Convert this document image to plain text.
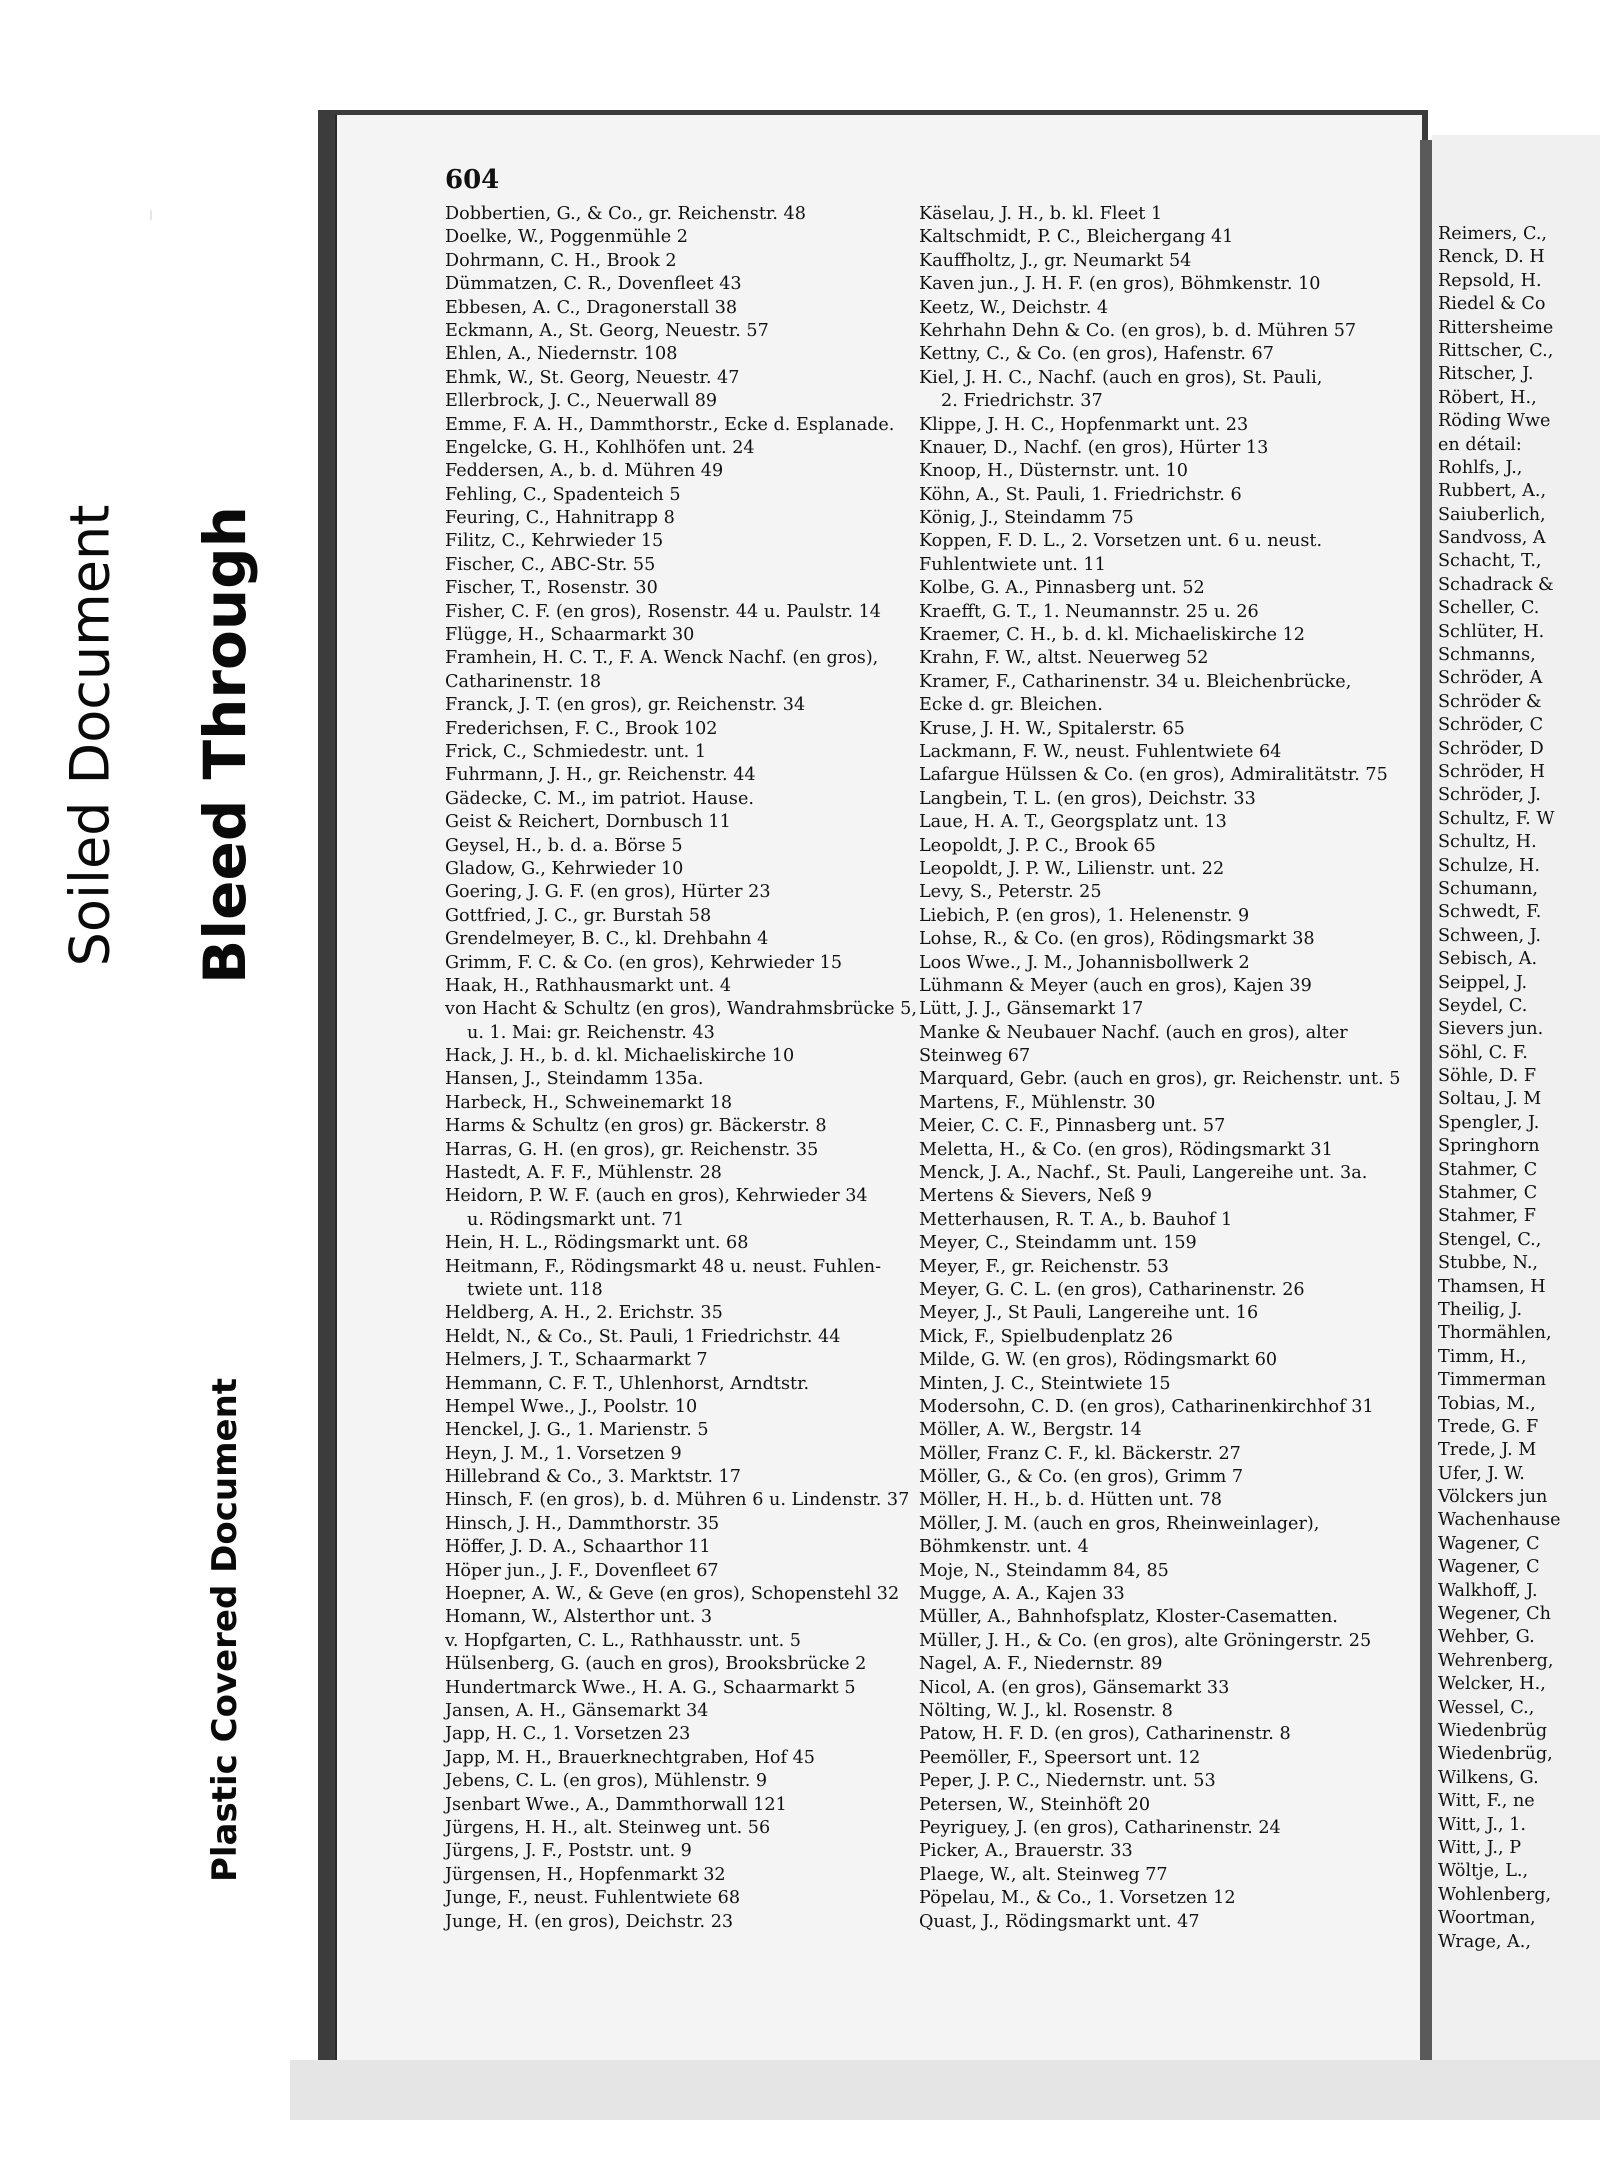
Soiled Document Bleed Through
Plastic Covered Document
604
Dobbertien, G., & Co., gr. Reichenstr. 48
Doelke, W., Poggenmühle 2
Dohrmann, C. H., Brook 2
Dümmatzen, C. R., Dovenfleet 43
Ebbesen, A. C., Dragonerstall 38
Eckmann, A., St. Georg, Neuestr. 57
Ehlen, A., Niedernstr. 108
Ehmk, W., St. Georg, Neuestr. 47
Ellerbrock, J. C., Neuerwall 89
Emme, F. A. H., Dammthorstr., Ecke d. Esplanade.
Engelcke, G. H., Kohlhöfen unt. 24
Feddersen, A., b. d. Mühren 49
Fehling, C., Spadenteich 5
Feuring, C., Hahnitrapp 8
Filitz, C., Kehrwieder 15
Fischer, C., ABC-Str. 55
Fischer, T., Rosenstr. 30
Fisher, C. F. (en gros), Rosenstr. 44 u. Paulstr. 14
Flügge, H., Schaarmarkt 30
Framhein, H. C. T., F. A. Wenck Nachf. (en gros),
Catharinenstr. 18
Franck, J. T. (en gros), gr. Reichenstr. 34
Frederichsen, F. C., Brook 102
Frick, C., Schmiedestr. unt. 1
Fuhrmann, J. H., gr. Reichenstr. 44
Gädecke, C. M., im patriot. Hause.
Geist & Reichert, Dornbusch 11
Geysel, H., b. d. a. Börse 5
Gladow, G., Kehrwieder 10
Goering, J. G. F. (en gros), Hürter 23
Gottfried, J. C., gr. Burstah 58
Grendelmeyer, B. C., kl. Drehbahn 4
Grimm, F. C. & Co. (en gros), Kehrwieder 15
Haak, H., Rathhausmarkt unt. 4
von Hacht & Schultz (en gros), Wandrahmsbrücke 5,
u. 1. Mai: gr. Reichenstr. 43
Hack, J. H., b. d. kl. Michaeliskirche 10
Hansen, J., Steindamm 135a.
Harbeck, H., Schweinemarkt 18
Harms & Schultz (en gros) gr. Bäckerstr. 8
Harras, G. H. (en gros), gr. Reichenstr. 35
Hastedt, A. F. F., Mühlenstr. 28
Heidorn, P. W. F. (auch en gros), Kehrwieder 34
u. Rödingsmarkt unt. 71
Hein, H. L., Rödingsmarkt unt. 68
Heitmann, F., Rödingsmarkt 48 u. neust. Fuhlen-
twiete unt. 118
Heldberg, A. H., 2. Erichstr. 35
Heldt, N., & Co., St. Pauli, 1 Friedrichstr. 44
Helmers, J. T., Schaarmarkt 7
Hemmann, C. F. T., Uhlenhorst, Arndtstr.
Hempel Wwe., J., Poolstr. 10
Henckel, J. G., 1. Marienstr. 5
Heyn, J. M., 1. Vorsetzen 9
Hillebrand & Co., 3. Marktstr. 17
Hinsch, F. (en gros), b. d. Mühren 6 u. Lindenstr. 37
Hinsch, J. H., Dammthorstr. 35
Höffer, J. D. A., Schaarthor 11
Höper jun., J. F., Dovenfleet 67
Hoepner, A. W., & Geve (en gros), Schopenstehl 32
Homann, W., Alsterthor unt. 3
v. Hopfgarten, C. L., Rathhausstr. unt. 5
Hülsenberg, G. (auch en gros), Brooksbrücke 2
Hundertmarck Wwe., H. A. G., Schaarmarkt 5
Jansen, A. H., Gänsemarkt 34
Japp, H. C., 1. Vorsetzen 23
Japp, M. H., Brauerknechtgraben, Hof 45
Jebens, C. L. (en gros), Mühlenstr. 9
Jsenbart Wwe., A., Dammthorwall 121
Jürgens, H. H., alt. Steinweg unt. 56
Jürgens, J. F., Poststr. unt. 9
Jürgensen, H., Hopfenmarkt 32
Junge, F., neust. Fuhlentwiete 68
Junge, H. (en gros), Deichstr. 23
Käselau, J. H., b. kl. Fleet 1
Kaltschmidt, P. C., Bleichergang 41
Kauffholtz, J., gr. Neumarkt 54
Kaven jun., J. H. F. (en gros), Böhmkenstr. 10
Keetz, W., Deichstr. 4
Kehrhahn Dehn & Co. (en gros), b. d. Mühren 57
Kettny, C., & Co. (en gros), Hafenstr. 67
Kiel, J. H. C., Nachf. (auch en gros), St. Pauli,
2. Friedrichstr. 37
Klippe, J. H. C., Hopfenmarkt unt. 23
Knauer, D., Nachf. (en gros), Hürter 13
Knoop, H., Düsternstr. unt. 10
Köhn, A., St. Pauli, 1. Friedrichstr. 6
König, J., Steindamm 75
Koppen, F. D. L., 2. Vorsetzen unt. 6 u. neust.
Fuhlentwiete unt. 11
Kolbe, G. A., Pinnasberg unt. 52
Kraefft, G. T., 1. Neumannstr. 25 u. 26
Kraemer, C. H., b. d. kl. Michaeliskirche 12
Krahn, F. W., altst. Neuerweg 52
Kramer, F., Catharinenstr. 34 u. Bleichenbrücke,
Ecke d. gr. Bleichen.
Kruse, J. H. W., Spitalerstr. 65
Lackmann, F. W., neust. Fuhlentwiete 64
Lafargue Hülssen & Co. (en gros), Admiralitätstr. 75
Langbein, T. L. (en gros), Deichstr. 33
Laue, H. A. T., Georgsplatz unt. 13
Leopoldt, J. P. C., Brook 65
Leopoldt, J. P. W., Lilienstr. unt. 22
Levy, S., Peterstr. 25
Liebich, P. (en gros), 1. Helenenstr. 9
Lohse, R., & Co. (en gros), Rödingsmarkt 38
Loos Wwe., J. M., Johannisbollwerk 2
Lühmann & Meyer (auch en gros), Kajen 39
Lütt, J. J., Gänsemarkt 17
Manke & Neubauer Nachf. (auch en gros), alter
Steinweg 67
Marquard, Gebr. (auch en gros), gr. Reichenstr. unt. 5
Martens, F., Mühlenstr. 30
Meier, C. C. F., Pinnasberg unt. 57
Meletta, H., & Co. (en gros), Rödingsmarkt 31
Menck, J. A., Nachf., St. Pauli, Langereihe unt. 3a.
Mertens & Sievers, Neß 9
Metterhausen, R. T. A., b. Bauhof 1
Meyer, C., Steindamm unt. 159
Meyer, F., gr. Reichenstr. 53
Meyer, G. C. L. (en gros), Catharinenstr. 26
Meyer, J., St Pauli, Langereihe unt. 16
Mick, F., Spielbudenplatz 26
Milde, G. W. (en gros), Rödingsmarkt 60
Minten, J. C., Steintwiete 15
Modersohn, C. D. (en gros), Catharinenkirchhof 31
Möller, A. W., Bergstr. 14
Möller, Franz C. F., kl. Bäckerstr. 27
Möller, G., & Co. (en gros), Grimm 7
Möller, H. H., b. d. Hütten unt. 78
Möller, J. M. (auch en gros, Rheinweinlager),
Böhmkenstr. unt. 4
Moje, N., Steindamm 84, 85
Mugge, A. A., Kajen 33
Müller, A., Bahnhofsplatz, Kloster-Casematten.
Müller, J. H., & Co. (en gros), alte Gröningerstr. 25
Nagel, A. F., Niedernstr. 89
Nicol, A. (en gros), Gänsemarkt 33
Nölting, W. J., kl. Rosenstr. 8
Patow, H. F. D. (en gros), Catharinenstr. 8
Peemöller, F., Speersort unt. 12
Peper, J. P. C., Niedernstr. unt. 53
Petersen, W., Steinhöft 20
Peyriguey, J. (en gros), Catharinenstr. 24
Picker, A., Brauerstr. 33
Plaege, W., alt. Steinweg 77
Pöpelau, M., & Co., 1. Vorsetzen 12
Quast, J., Rödingsmarkt unt. 47
Reimers, C.,
Renck, D. H
Repsold, H.
Riedel & Co
Rittersheime
Rittscher, C.,
Ritscher, J.
Röbert, H.,
Röding Wwe
en détail:
Rohlfs, J.,
Rubbert, A.,
Saiuberlich,
Sandvoss, A
Schacht, T.,
Schadrack &
Scheller, C.
Schlüter, H.
Schmanns,
Schröder, A
Schröder &
Schröder, C
Schröder, D
Schröder, H
Schröder, J.
Schultz, F. W
Schultz, H.
Schulze, H.
Schumann,
Schwedt, F.
Schween, J.
Sebisch, A.
Seippel, J.
Seydel, C.
Sievers jun.
Söhl, C. F.
Söhle, D. F
Soltau, J. M
Spengler, J.
Springhorn
Stahmer, C
Stahmer, C
Stahmer, F
Stengel, C.,
Stubbe, N.,
Thamsen, H
Theilig, J.
Thormählen,
Timm, H.,
Timmerman
Tobias, M.,
Trede, G. F
Trede, J. M
Ufer, J. W.
Völckers jun
Wachenhause
Wagener, C
Wagener, C
Walkhoff, J.
Wegener, Ch
Wehber, G.
Wehrenberg,
Welcker, H.,
Wessel, C.,
Wiedenbrüg
Wiedenbrüg,
Wilkens, G.
Witt, F., ne
Witt, J., 1.
Witt, J., P
Wöltje, L.,
Wohlenberg,
Woortman,
Wrage, A.,
